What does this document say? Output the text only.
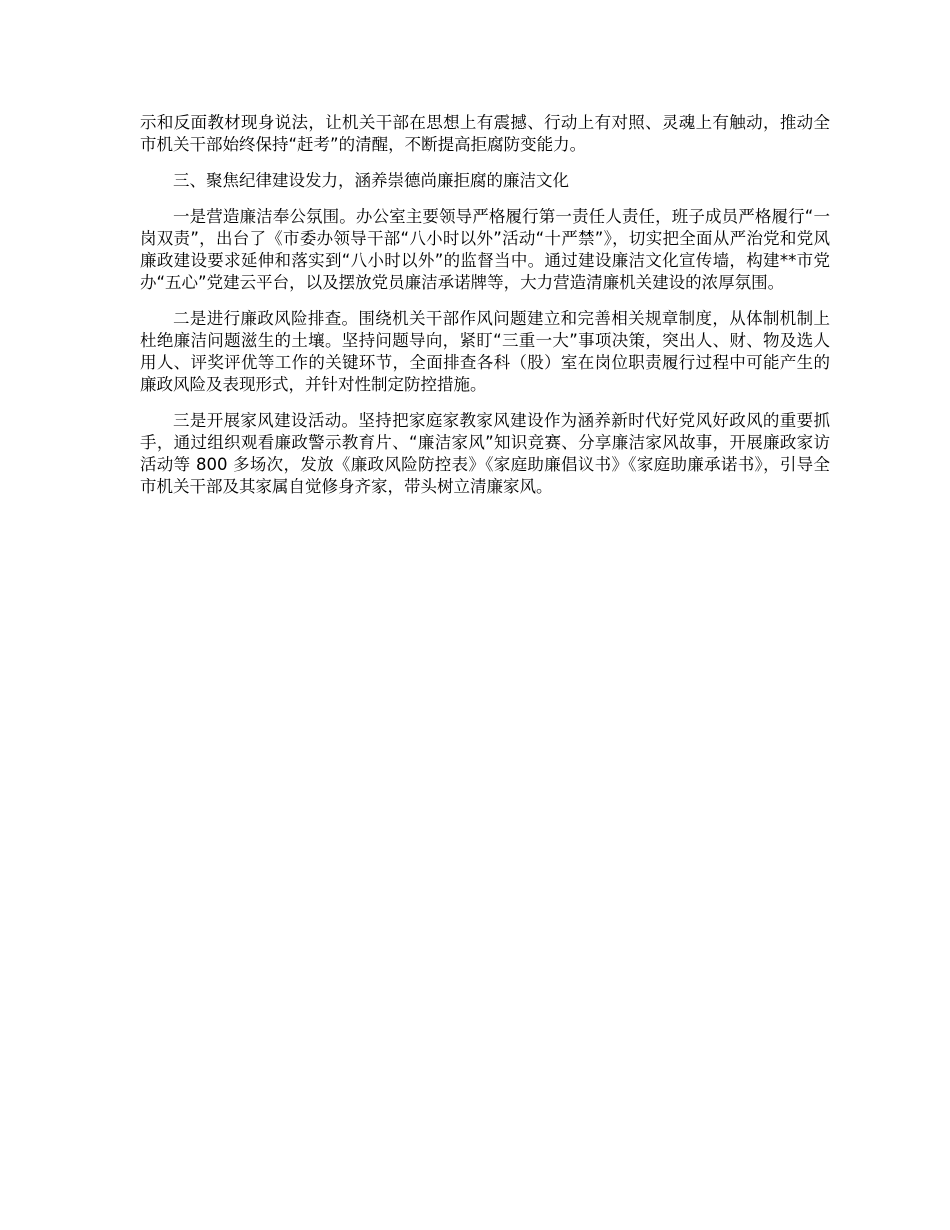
示和反面教材现身说法，让机关干部在思想上有震撼、行动上有对照、灵魂上有触动，推动全市机关干部始终保持“赶考”的清醒，不断提高拒腐防变能力。

三、聚焦纪律建设发力，涵养崇德尚廉拒腐的廉洁文化

一是营造廉洁奉公氛围。办公室主要领导严格履行第一责任人责任，班子成员严格履行“一岗双责”，出台了《市委办领导干部“八小时以外”活动“十严禁”》，切实把全面从严治党和党风廉政建设要求延伸和落实到“八小时以外”的监督当中。通过建设廉洁文化宣传墙，构建**市党办“五心”党建云平台，以及摆放党员廉洁承诺牌等，大力营造清廉机关建设的浓厚氛围。

二是进行廉政风险排查。围绕机关干部作风问题建立和完善相关规章制度，从体制机制上杜绝廉洁问题滋生的土壤。坚持问题导向，紧盯“三重一大”事项决策，突出人、财、物及选人用人、评奖评优等工作的关键环节，全面排查各科（股）室在岗位职责履行过程中可能产生的廉政风险及表现形式，并针对性制定防控措施。

三是开展家风建设活动。坚持把家庭家教家风建设作为涵养新时代好党风好政风的重要抓手，通过组织观看廉政警示教育片、“廉洁家风”知识竞赛、分享廉洁家风故事，开展廉政家访活动等 800 多场次，发放《廉政风险防控表》《家庭助廉倡议书》《家庭助廉承诺书》，引导全市机关干部及其家属自觉修身齐家，带头树立清廉家风。
